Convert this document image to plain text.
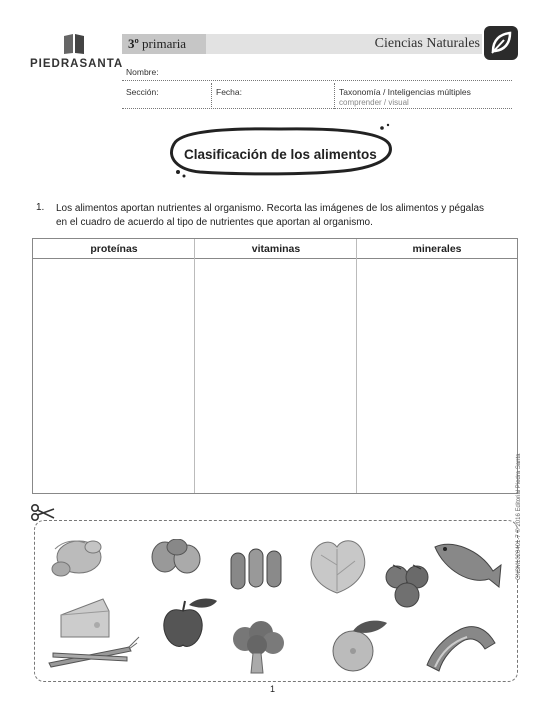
PIEDRASANTA
3º primaria	Ciencias Naturales
Nombre:
Sección:	Fecha:	Taxonomía / Inteligencias múltiples
comprender / visual
Clasificación de los alimentos
1. Los alimentos aportan nutrientes al organismo. Recorta las imágenes de los alimentos y pégalas en el cuadro de acuerdo al tipo de nutrientes que aportan al organismo.
proteínas	vitaminas	minerales
1
CN3M1020401-7 © 2016 Editorial Piedra Santa
